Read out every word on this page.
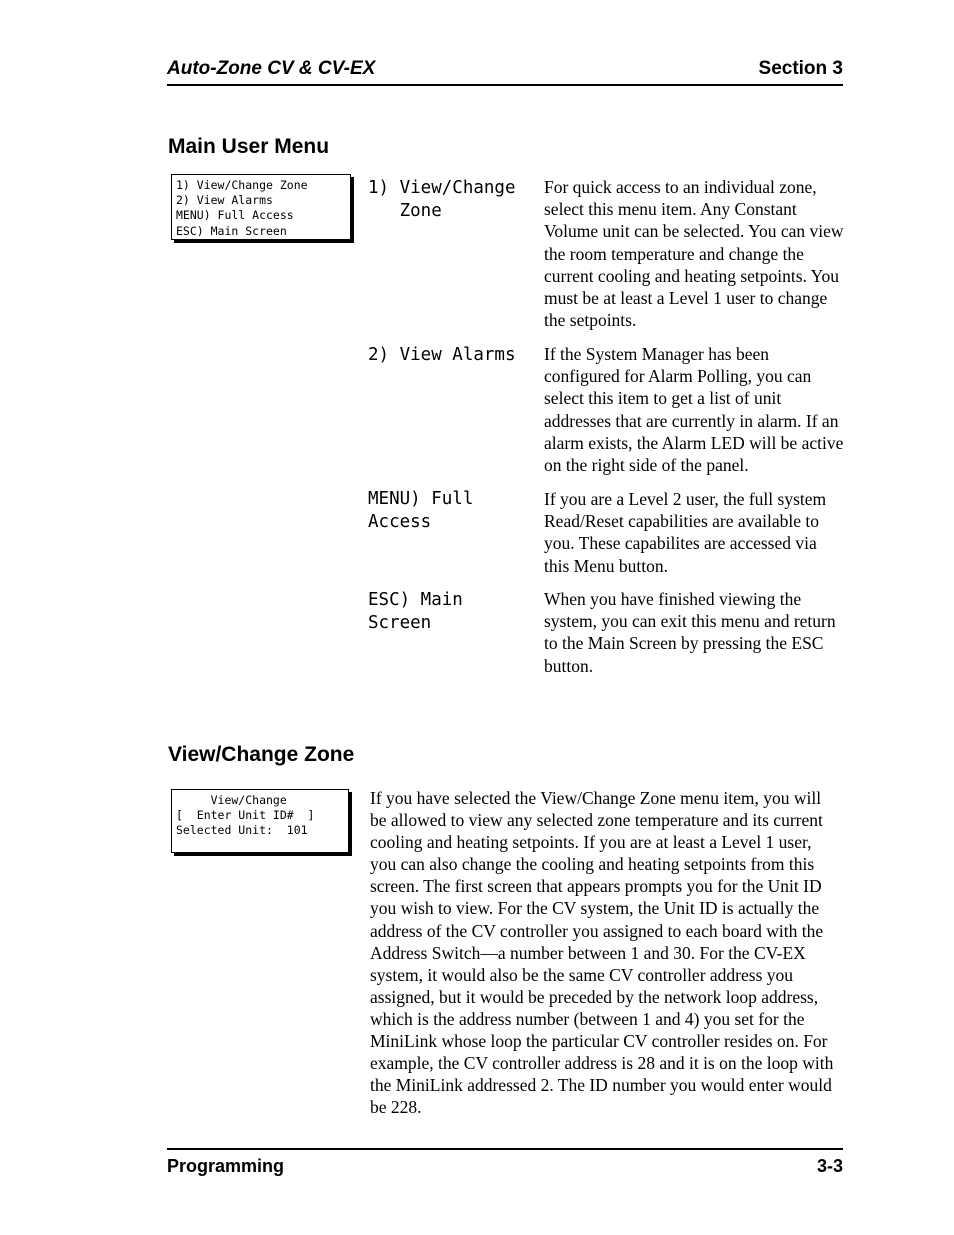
Auto-Zone CV & CV-EX	Section 3
Main User Menu
1) View/Change Zone
2) View Alarms
MENU) Full Access
ESC) Main Screen
1) View/Change
Zone
For quick access to an individual zone, select this menu item. Any Constant Volume unit can be selected. You can view the room temperature and change the current cooling and heating setpoints. You must be at least a Level 1 user to change the setpoints.
2) View Alarms If the System Manager has been configured for Alarm Polling, you can select this item to get a list of unit addresses that are currently in alarm. If an alarm exists, the Alarm LED will be active on the right side of the panel.
MENU) Full
Access
If you are a Level 2 user, the full system Read/Reset capabilities are available to you. These capabilites are accessed via this Menu button.
ESC) Main
Screen
When you have finished viewing the system, you can exit this menu and return to the Main Screen by pressing the ESC button.
View/Change Zone
View/Change
[  Enter Unit ID#  ]
Selected Unit:  101
If you have selected the View/Change Zone menu item, you will be allowed to view any selected zone temperature and its current cooling and heating setpoints. If you are at least a Level 1 user, you can also change the cooling and heating setpoints from this screen. The first screen that appears prompts you for the Unit ID you wish to view. For the CV system, the Unit ID is actually the address of the CV controller you assigned to each board with the Address Switch—a number between 1 and 30. For the CV-EX system, it would also be the same CV controller address you assigned, but it would be preceded by the network loop address, which is the address number (between 1 and 4) you set for the MiniLink whose loop the particular CV controller resides on. For example, the CV controller address is 28 and it is on the loop with the MiniLink addressed 2. The ID number you would enter would be 228.
Programming	3-3
